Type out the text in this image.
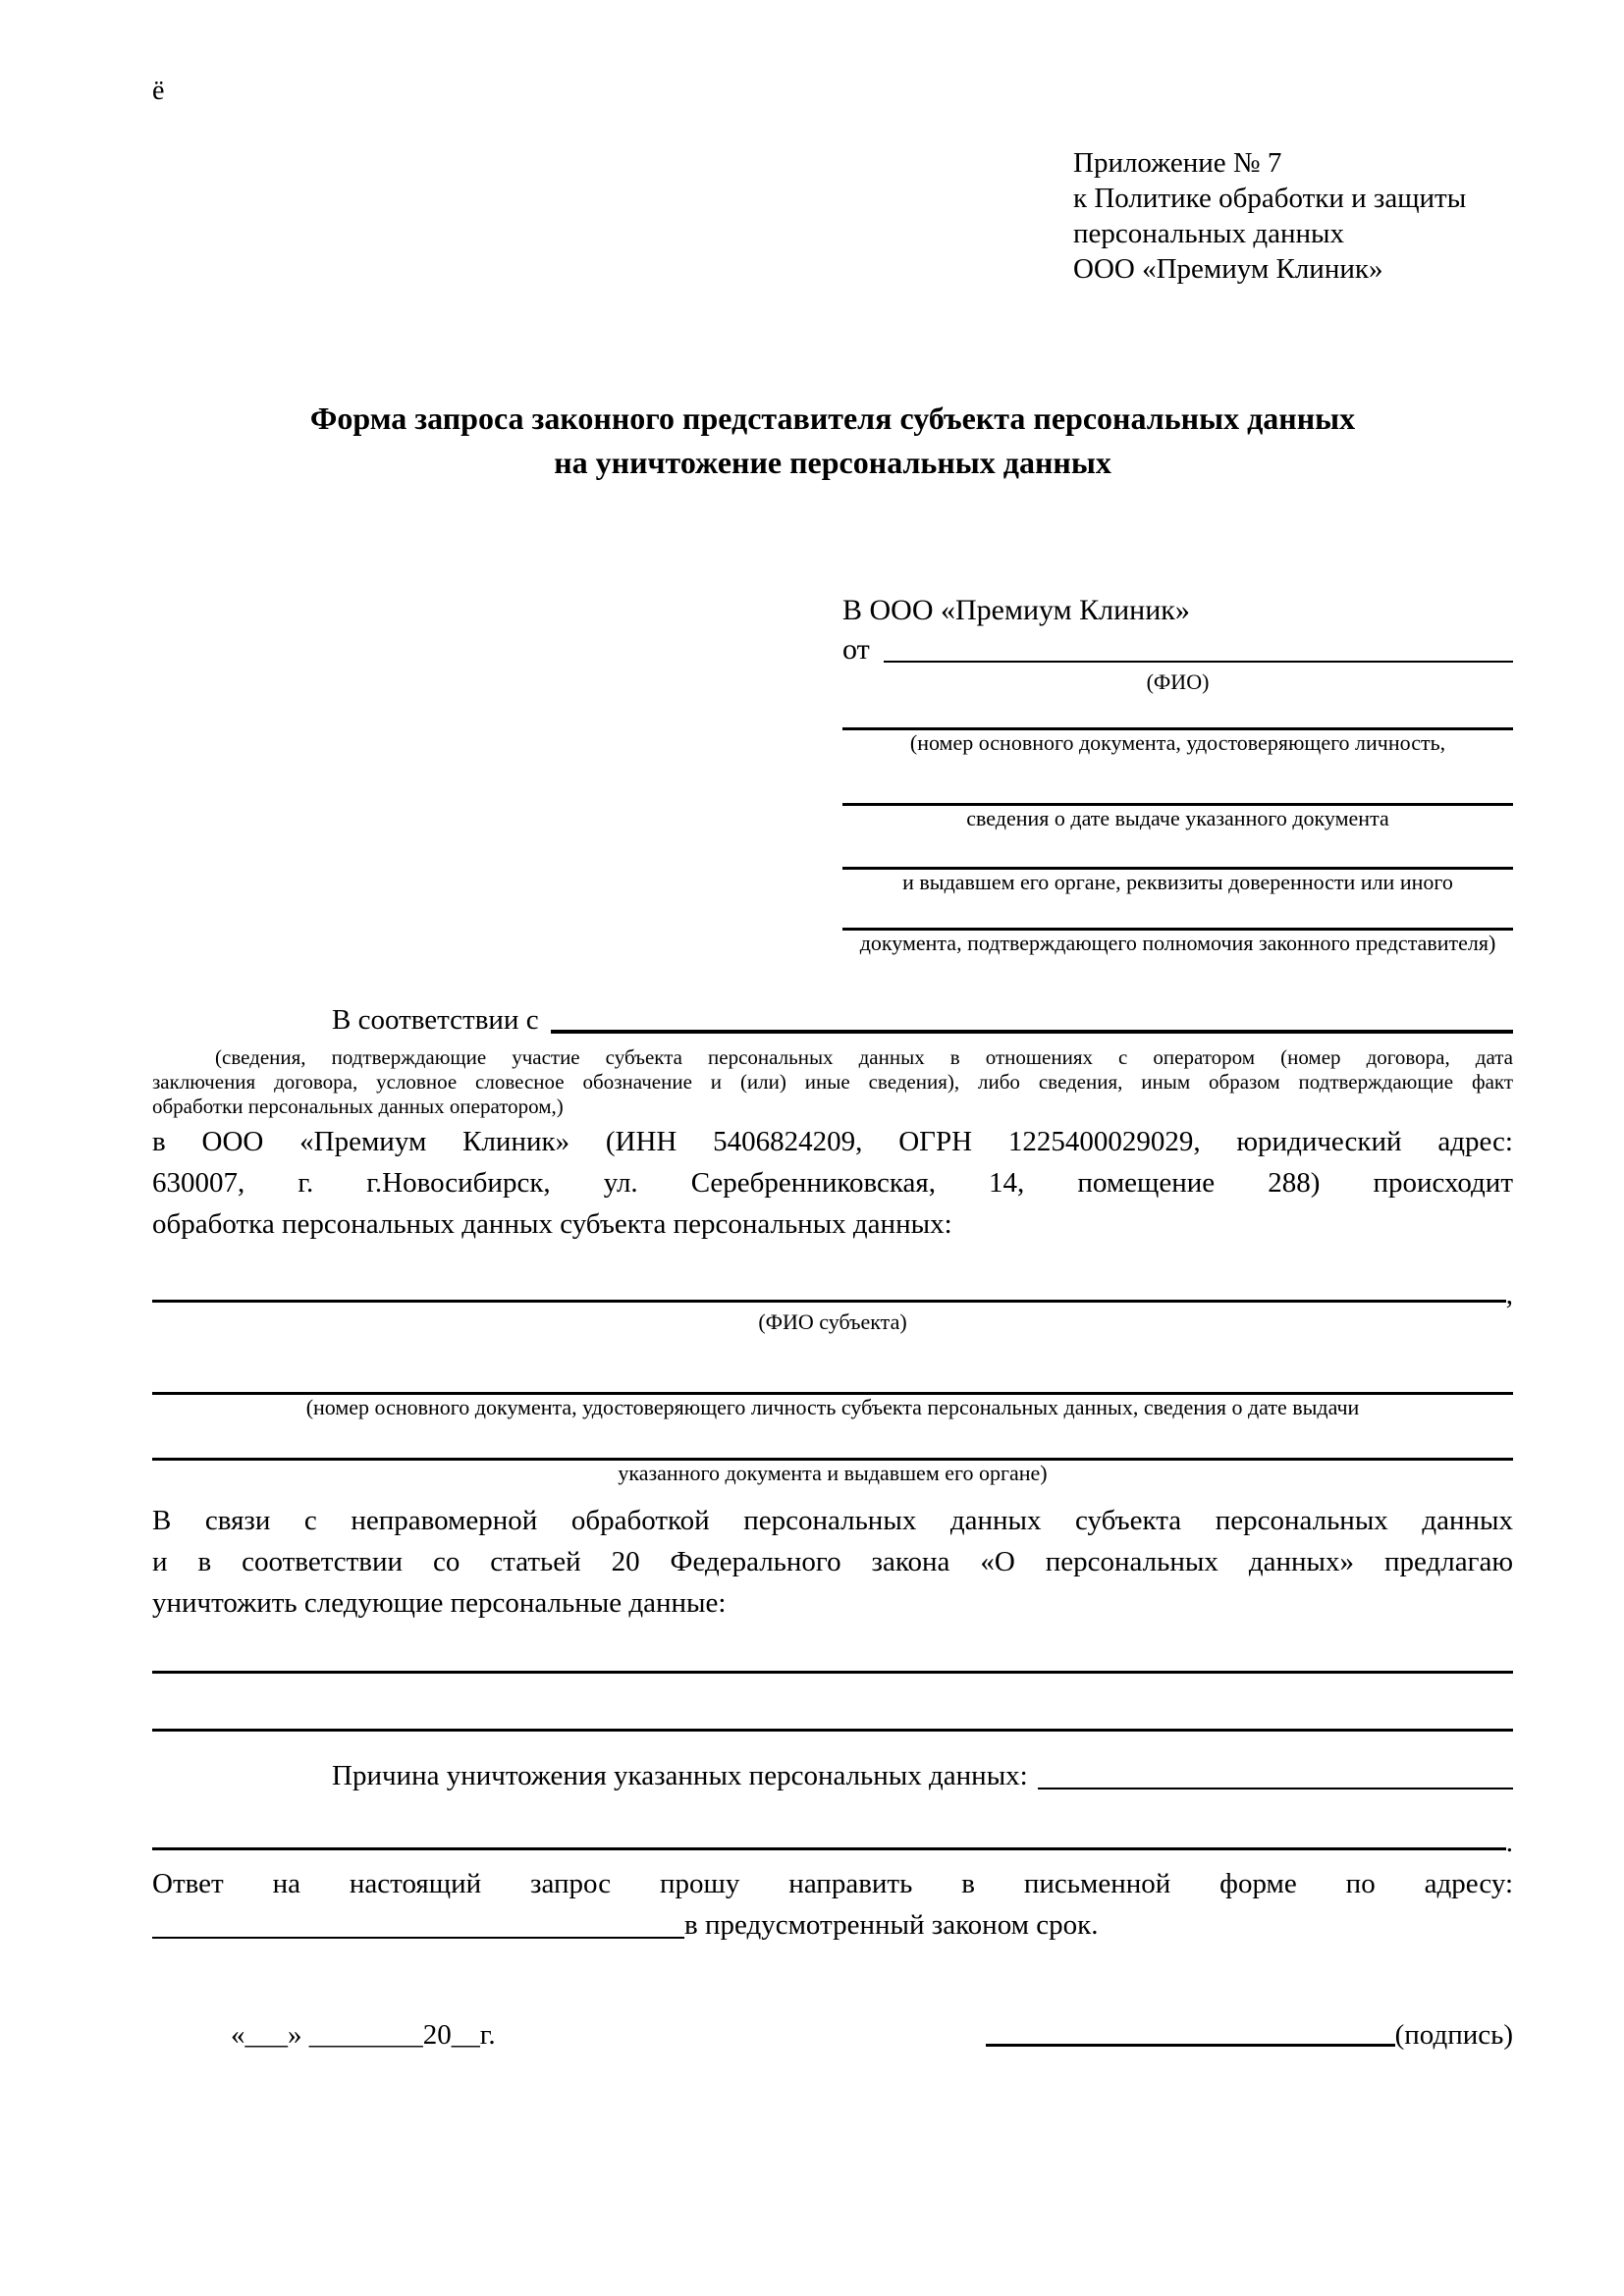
ё
Приложение № 7
к Политике обработки и защиты
персональных данных
ООО «Премиум Клиник»
Форма запроса законного представителя субъекта персональных данных
на уничтожение персональных данных
В ООО «Премиум Клиник»
от
(ФИО)
(номер основного документа, удостоверяющего личность,
сведения о дате выдаче указанного документа
и выдавшем его органе, реквизиты доверенности или иного
документа, подтверждающего полномочия законного представителя)
В соответствии с
(сведения, подтверждающие участие субъекта персональных данных в отношениях с оператором (номер договора, дата
заключения договора, условное словесное обозначение и (или) иные сведения), либо сведения, иным образом подтверждающие факт
обработки персональных данных оператором,)
в ООО «Премиум Клиник» (ИНН 5406824209, ОГРН 1225400029029, юридический адрес:
630007, г. г.Новосибирск, ул. Серебренниковская, 14, помещение 288) происходит
обработка персональных данных субъекта персональных данных:
,
(ФИО субъекта)
(номер основного документа, удостоверяющего личность субъекта персональных данных, сведения о дате выдачи
указанного документа и выдавшем его органе)
В связи с неправомерной обработкой персональных данных субъекта персональных данных
и в соответствии со статьей 20 Федерального закона «О персональных данных» предлагаю
уничтожить следующие персональные данные:
Причина уничтожения указанных персональных данных:
.
Ответ на настоящий запрос прошу направить в письменной форме по адресу:
в предусмотренный законом срок.
«___» ________20__г.	(подпись)
